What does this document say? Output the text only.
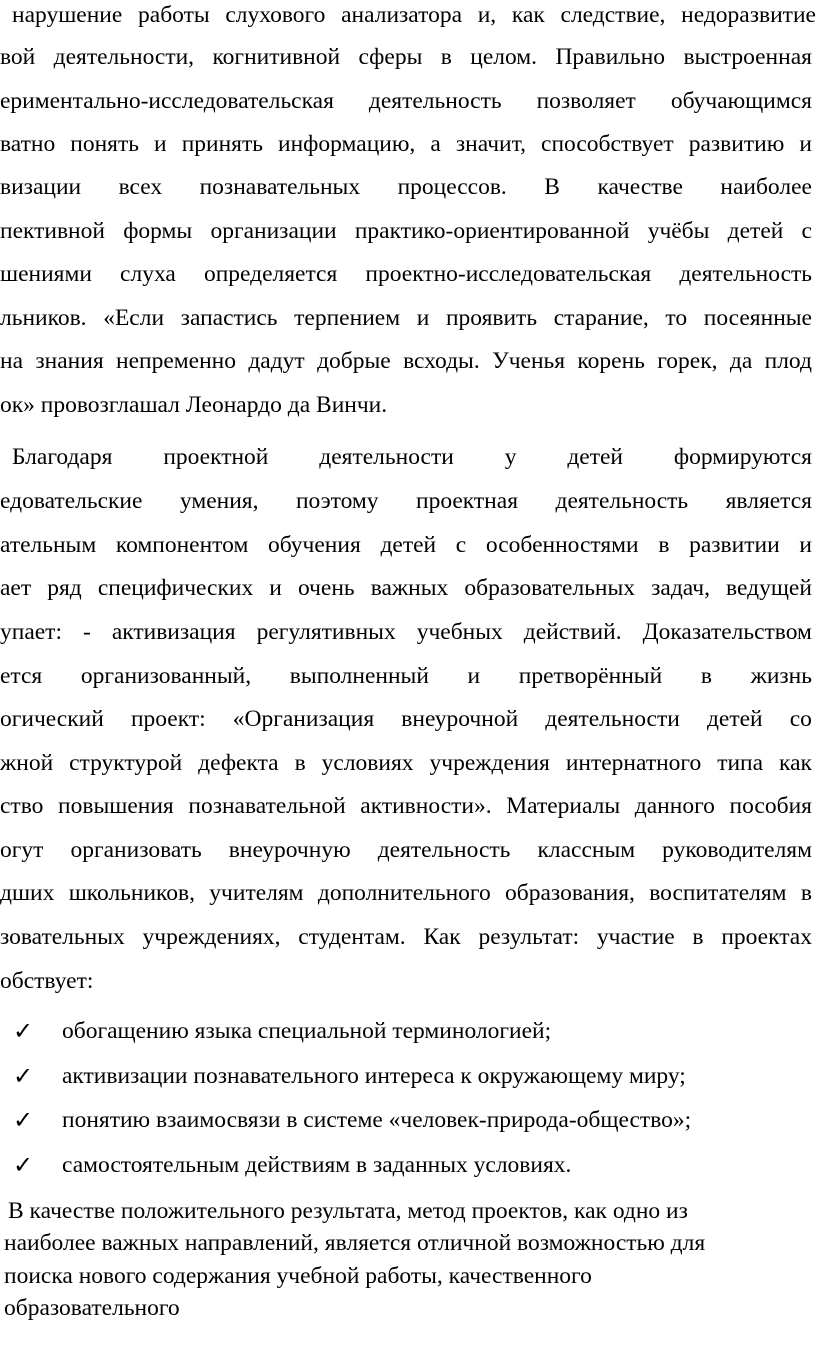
нарушение работы слухового анализатора и, как следствие, недоразвитие
вой деятельности, когнитивной сферы в целом. Правильно выстроенная
ериментально-исследовательская деятельность позволяет обучающимся
ватно понять и принять информацию, а значит, способствует развитию и
визации всех познавательных процессов. В качестве наиболее
пективной формы организации практико-ориентированной учёбы детей с
шениями слуха определяется проектно-исследовательская деятельность
льников. «Если запастись терпением и проявить старание, то посеянные
на знания непременно дадут добрые всходы. Ученья корень горек, да плод
ок» провозглашал Леонардо да Винчи.
Благодаря проектной деятельности у детей формируются
едовательские умения, поэтому проектная деятельность является
ательным компонентом обучения детей с особенностями в развитии и
ает ряд специфических и очень важных образовательных задач, ведущей
упает: - активизация регулятивных учебных действий. Доказательством
ется организованный, выполненный и претворённый в жизнь
огический проект: «Организация внеурочной деятельности детей со
жной структурой дефекта в условиях учреждения интернатного типа как
ство повышения познавательной активности». Материалы данного пособия
огут организовать внеурочную деятельность классным руководителям
дших школьников, учителям дополнительного образования, воспитателям в
зовательных учреждениях, студентам. Как результат: участие в проектах
обствует:
✓ обогащению языка специальной терминологией;
✓ активизации познавательного интереса к окружающему миру;
✓ понятию взаимосвязи в системе «человек-природа-общество»;
✓ самостоятельным действиям в заданных условиях.
В качестве положительного результата, метод проектов, как одно из
наиболее важных направлений, является отличной возможностью для
поиска нового содержания учебной работы, качественного
образовательного
